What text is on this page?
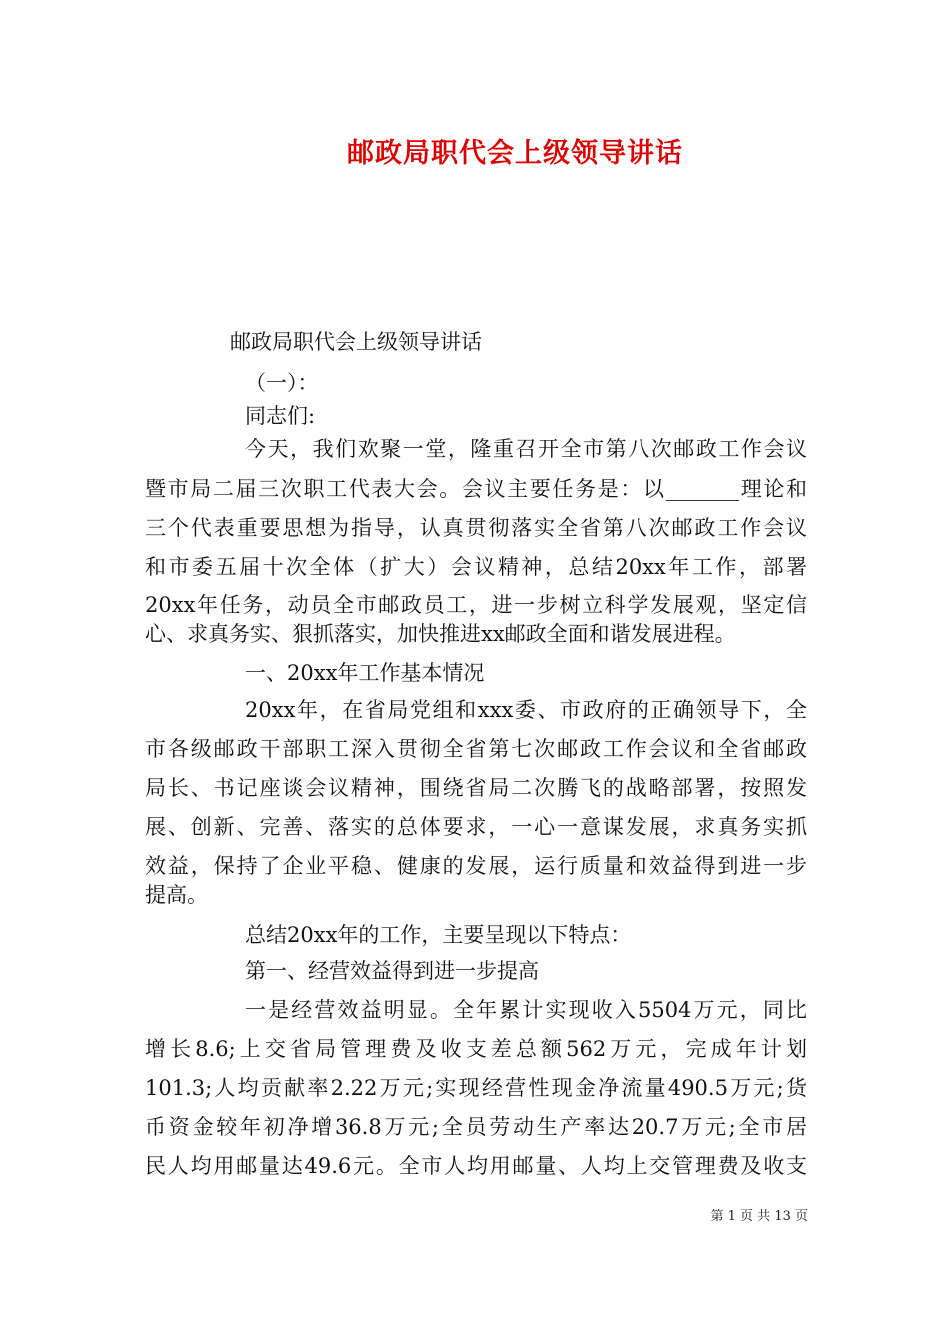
邮政局职代会上级领导讲话
邮政局职代会上级领导讲话
（一）：
同志们:
今天，我们欢聚一堂，隆重召开全市第八次邮政工作会议
暨市局二届三次职工代表大会。会议主要任务是：以_______理论和
三个代表重要思想为指导，认真贯彻落实全省第八次邮政工作会议
和市委五届十次全体（扩大）会议精神，总结20xx年工作，部署
20xx年任务，动员全市邮政员工，进一步树立科学发展观，坚定信
心、求真务实、狠抓落实，加快推进xx邮政全面和谐发展进程。
一、20xx年工作基本情况
20xx年，在省局党组和xxx委、市政府的正确领导下，全
市各级邮政干部职工深入贯彻全省第七次邮政工作会议和全省邮政
局长、书记座谈会议精神，围绕省局二次腾飞的战略部署，按照发
展、创新、完善、落实的总体要求，一心一意谋发展，求真务实抓
效益，保持了企业平稳、健康的发展，运行质量和效益得到进一步
提高。
总结20xx年的工作，主要呈现以下特点：
第一、经营效益得到进一步提高
一是经营效益明显。全年累计实现收入5504万元，同比
增长8.6;上交省局管理费及收支差总额562万元，完成年计划
101.3;人均贡献率2.22万元;实现经营性现金净流量490.5万元;货
币资金较年初净增36.8万元;全员劳动生产率达20.7万元;全市居
民人均用邮量达49.6元。全市人均用邮量、人均上交管理费及收支
第 1 页 共 13 页
